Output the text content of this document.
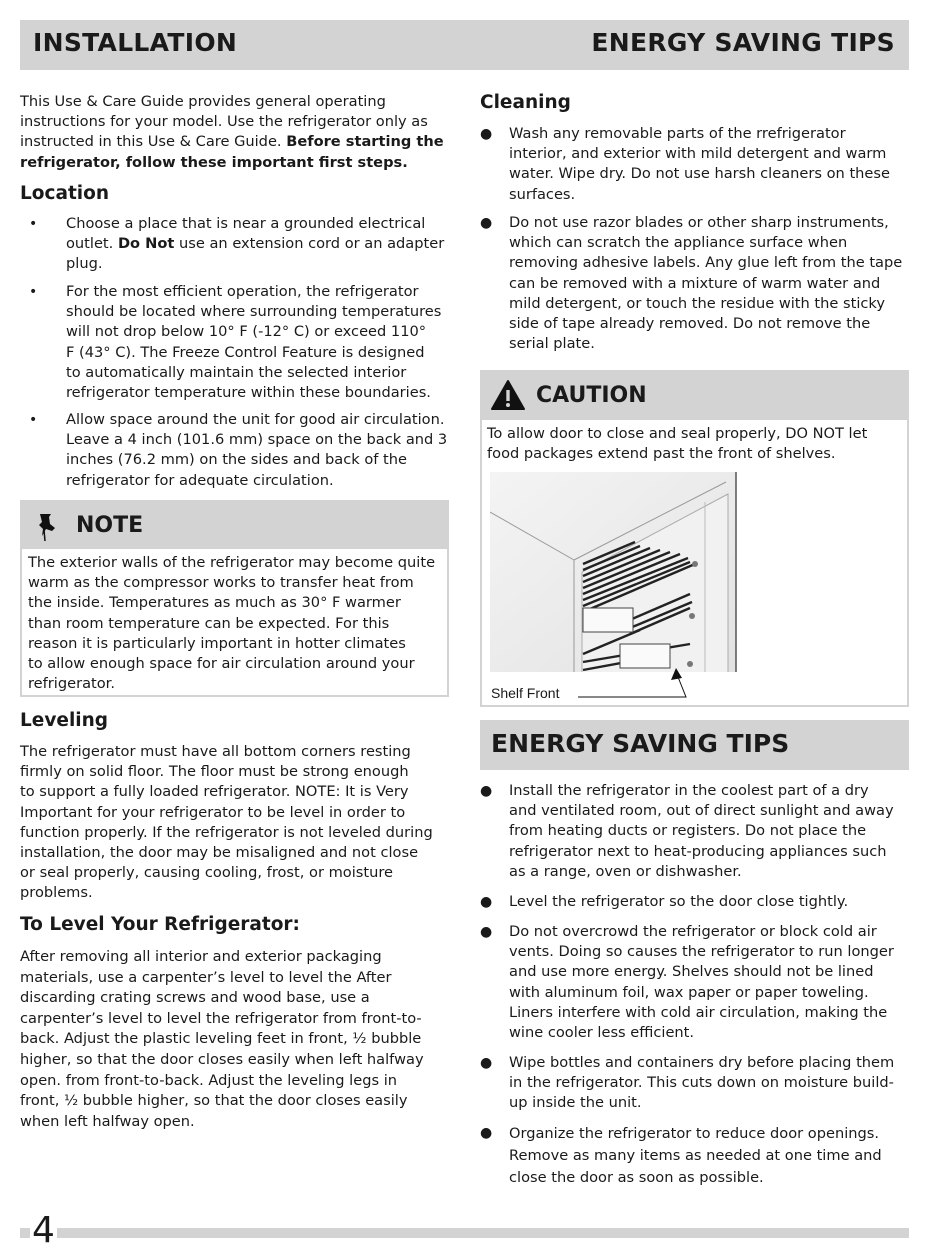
INSTALLATION	ENERGY SAVING TIPS
This Use & Care Guide provides general operating
instructions for your model. Use the refrigerator only as
instructed in this Use & Care Guide. Before starting the
refrigerator, follow these important first steps.
Location

• Choose a place that is near a grounded electrical
outlet. Do Not use an extension cord or an adapter
plug.

• For the most efficient operation, the refrigerator
should be located where surrounding temperatures
will not drop below 10° F (-12° C) or exceed 110°
F (43° C). The Freeze Control Feature is designed
to automatically maintain the selected interior
refrigerator temperature within these boundaries.

• Allow space around the unit for good air circulation.
Leave a 4 inch (101.6 mm) space on the back and 3
inches (76.2 mm) on the sides and back of the
refrigerator for adequate circulation.

NOTE
The exterior walls of the refrigerator may become quite
warm as the compressor works to transfer heat from
the inside. Temperatures as much as 30° F warmer
than room temperature can be expected. For this
reason it is particularly important in hotter climates
to allow enough space for air circulation around your
refrigerator.
Leveling
The refrigerator must have all bottom corners resting
firmly on solid floor. The floor must be strong enough
to support a fully loaded refrigerator. NOTE: It is Very
Important for your refrigerator to be level in order to
function properly. If the refrigerator is not leveled during
installation, the door may be misaligned and not close
or seal properly, causing cooling, frost, or moisture
problems.
To Level Your Refrigerator:
After removing all interior and exterior packaging
materials, use a carpenter’s level to level the After
discarding crating screws and wood base, use a
carpenter’s level to level the refrigerator from front-to-
back. Adjust the plastic leveling feet in front, ½ bubble
higher, so that the door closes easily when left halfway
open. from front-to-back. Adjust the leveling legs in
front, ½ bubble higher, so that the door closes easily
when left halfway open.
Cleaning

● Wash any removable parts of the rrefrigerator
interior, and exterior with mild detergent and warm
water. Wipe dry. Do not use harsh cleaners on these
surfaces.

● Do not use razor blades or other sharp instruments,
which can scratch the appliance surface when
removing adhesive labels. Any glue left from the tape
can be removed with a mixture of warm water and
mild detergent, or touch the residue with the sticky
side of tape already removed. Do not remove the
serial plate.

CAUTION
To allow door to close and seal properly, DO NOT let
food packages extend past the front of shelves.
Shelf Front
ENERGY SAVING TIPS
● Install the refrigerator in the coolest part of a dry
and ventilated room, out of direct sunlight and away
from heating ducts or registers. Do not place the
refrigerator next to heat-producing appliances such
as a range, oven or dishwasher.
● Level the refrigerator so the door close tightly.
● Do not overcrowd the refrigerator or block cold air
vents. Doing so causes the refrigerator to run longer
and use more energy. Shelves should not be lined
with aluminum foil, wax paper or paper toweling.
Liners interfere with cold air circulation, making the
wine cooler less efficient.
● Wipe bottles and containers dry before placing them
in the refrigerator. This cuts down on moisture build-
up inside the unit.
● Organize the refrigerator to reduce door openings.
Remove as many items as needed at one time and
close the door as soon as possible.
4
